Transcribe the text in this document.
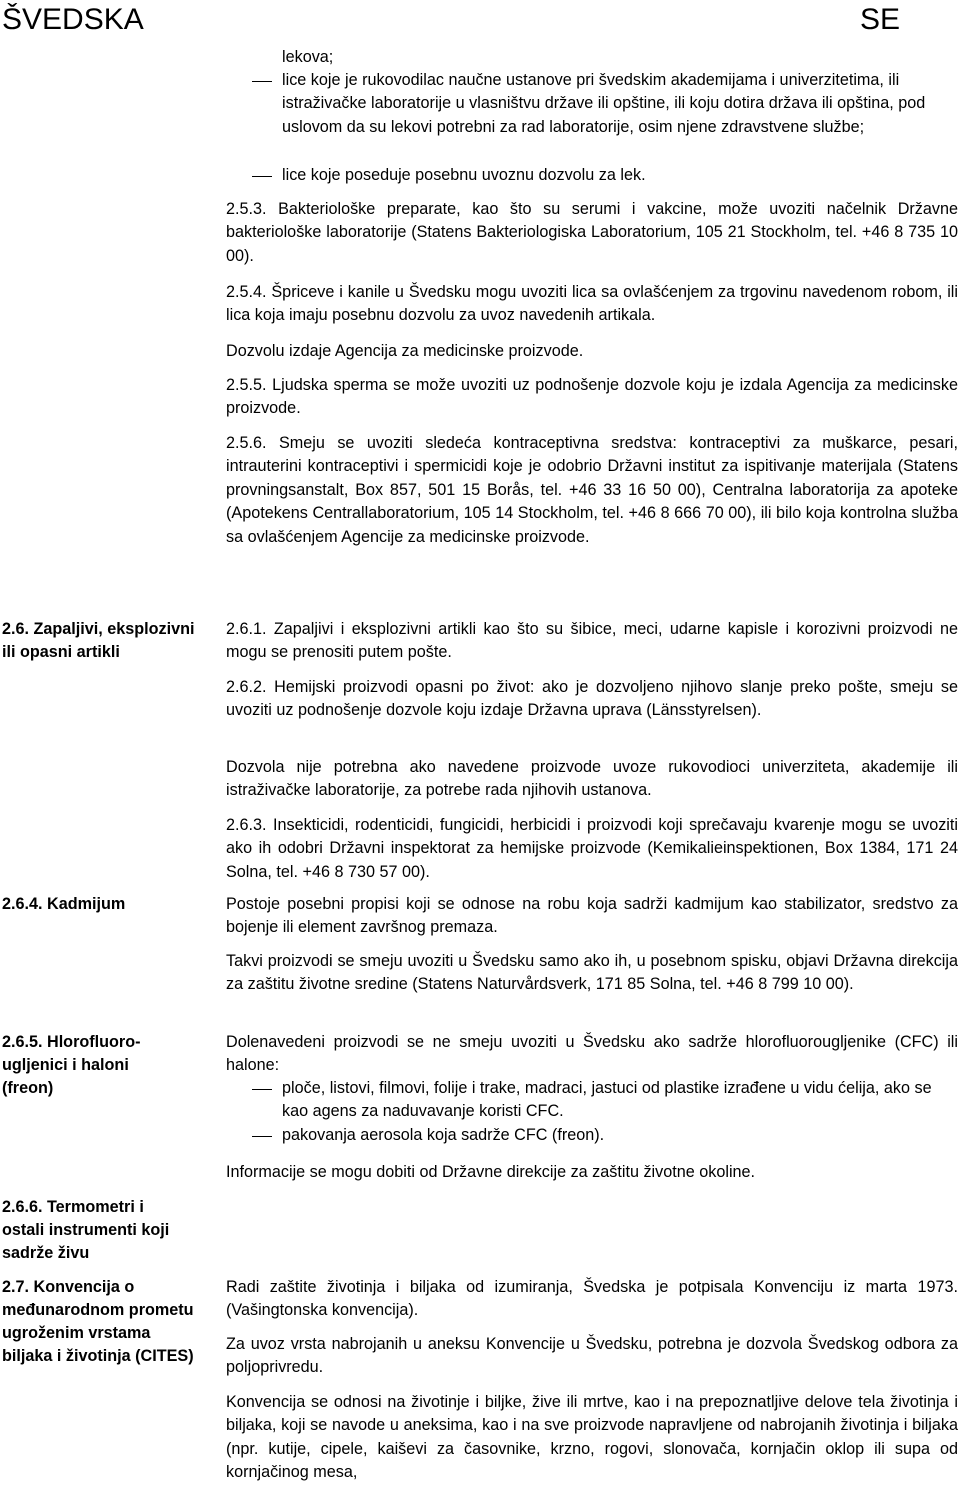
ŠVEDSKA	SE

lekova;

lice koje je rukovodilac naučne ustanove pri švedskim akademijama i univerzitetima, ili istraživačke laboratorije u vlasništvu države ili opštine, ili koju dotira država ili opština, pod uslovom da su lekovi potrebni za rad laboratorije, osim njene zdravstvene službe;

lice koje poseduje posebnu uvoznu dozvolu za lek.

2.5.3. Bakteriološke preparate, kao što su serumi i vakcine, može uvoziti načelnik Državne bakteriološke laboratorije (Statens Bakteriologiska Laboratorium, 105 21 Stockholm, tel. +46 8 735 10 00).

2.5.4. Špriceve i kanile u Švedsku mogu uvoziti lica sa ovlašćenjem za trgovinu navedenom robom, ili lica koja imaju posebnu dozvolu za uvoz navedenih artikala.

Dozvolu izdaje Agencija za medicinske proizvode.

2.5.5. Ljudska sperma se može uvoziti uz podnošenje dozvole koju je izdala Agencija za medicinske proizvode.

2.5.6. Smeju se uvoziti sledeća kontraceptivna sredstva: kontraceptivi za muškarce, pesari, intrauterini kontraceptivi i spermicidi koje je odobrio Državni institut za ispitivanje materijala (Statens provningsanstalt, Box 857, 501 15 Borås, tel. +46 33 16 50 00), Centralna laboratorija za apoteke (Apotekens Centrallaboratorium, 105 14 Stockholm, tel. +46 8 666 70 00), ili bilo koja kontrolna služba sa ovlašćenjem Agencije za medicinske proizvode.

2.6. Zapaljivi, eksplozivni ili opasni artikli

2.6.1. Zapaljivi i eksplozivni artikli kao što su šibice, meci, udarne kapisle i korozivni proizvodi ne mogu se prenositi putem pošte.

2.6.2. Hemijski proizvodi opasni po život: ako je dozvoljeno njihovo slanje preko pošte, smeju se uvoziti uz podnošenje dozvole koju izdaje Državna uprava (Länsstyrelsen).

Dozvola nije potrebna ako navedene proizvode uvoze rukovodioci univerziteta, akademije ili istraživačke laboratorije, za potrebe rada njihovih ustanova.

2.6.3. Insekticidi, rodenticidi, fungicidi, herbicidi i proizvodi koji sprečavaju kvarenje mogu se uvoziti ako ih odobri Državni inspektorat za hemijske proizvode (Kemikalieinspektionen, Box 1384, 171 24 Solna, tel. +46 8 730 57 00).

2.6.4. Kadmijum	Postoje posebni propisi koji se odnose na robu koja sadrži kadmijum kao stabilizator, sredstvo za bojenje ili element završnog premaza.

Takvi proizvodi se smeju uvoziti u Švedsku samo ako ih, u posebnom spisku, objavi Državna direkcija za zaštitu životne sredine (Statens Naturvårdsverk, 171 85 Solna, tel. +46 8 799 10 00).

2.6.5. Hlorofluoro-ugljenici i haloni (freon)

Dolenavedeni proizvodi se ne smeju uvoziti u Švedsku ako sadrže hlorofluorougljenike (CFC) ili halone:

ploče, listovi, filmovi, folije i trake, madraci, jastuci od plastike izrađene u vidu ćelija, ako se kao agens za naduvavanje koristi CFC.

pakovanja aerosola koja sadrže CFC (freon).

Informacije se mogu dobiti od Državne direkcije za zaštitu životne okoline.

2.6.6. Termometri i ostali instrumenti koji sadrže živu

2.7. Konvencija o međunarodnom prometu ugroženim vrstama biljaka i životinja (CITES)

Radi zaštite životinja i biljaka od izumiranja, Švedska je potpisala Konvenciju iz marta 1973. (Vašingtonska konvencija).

Za uvoz vrsta nabrojanih u aneksu Konvencije u Švedsku, potrebna je dozvola Švedskog odbora za poljoprivredu.

Konvencija se odnosi na životinje i biljke, žive ili mrtve, kao i na prepoznatljive delove tela životinja i biljaka, koji se navode u aneksima, kao i na sve proizvode napravljene od nabrojanih životinja i biljaka (npr. kutije, cipele, kaiševi za časovnike, krzno, rogovi, slonovača, kornjačin oklop ili supa od kornjačinog mesa,
